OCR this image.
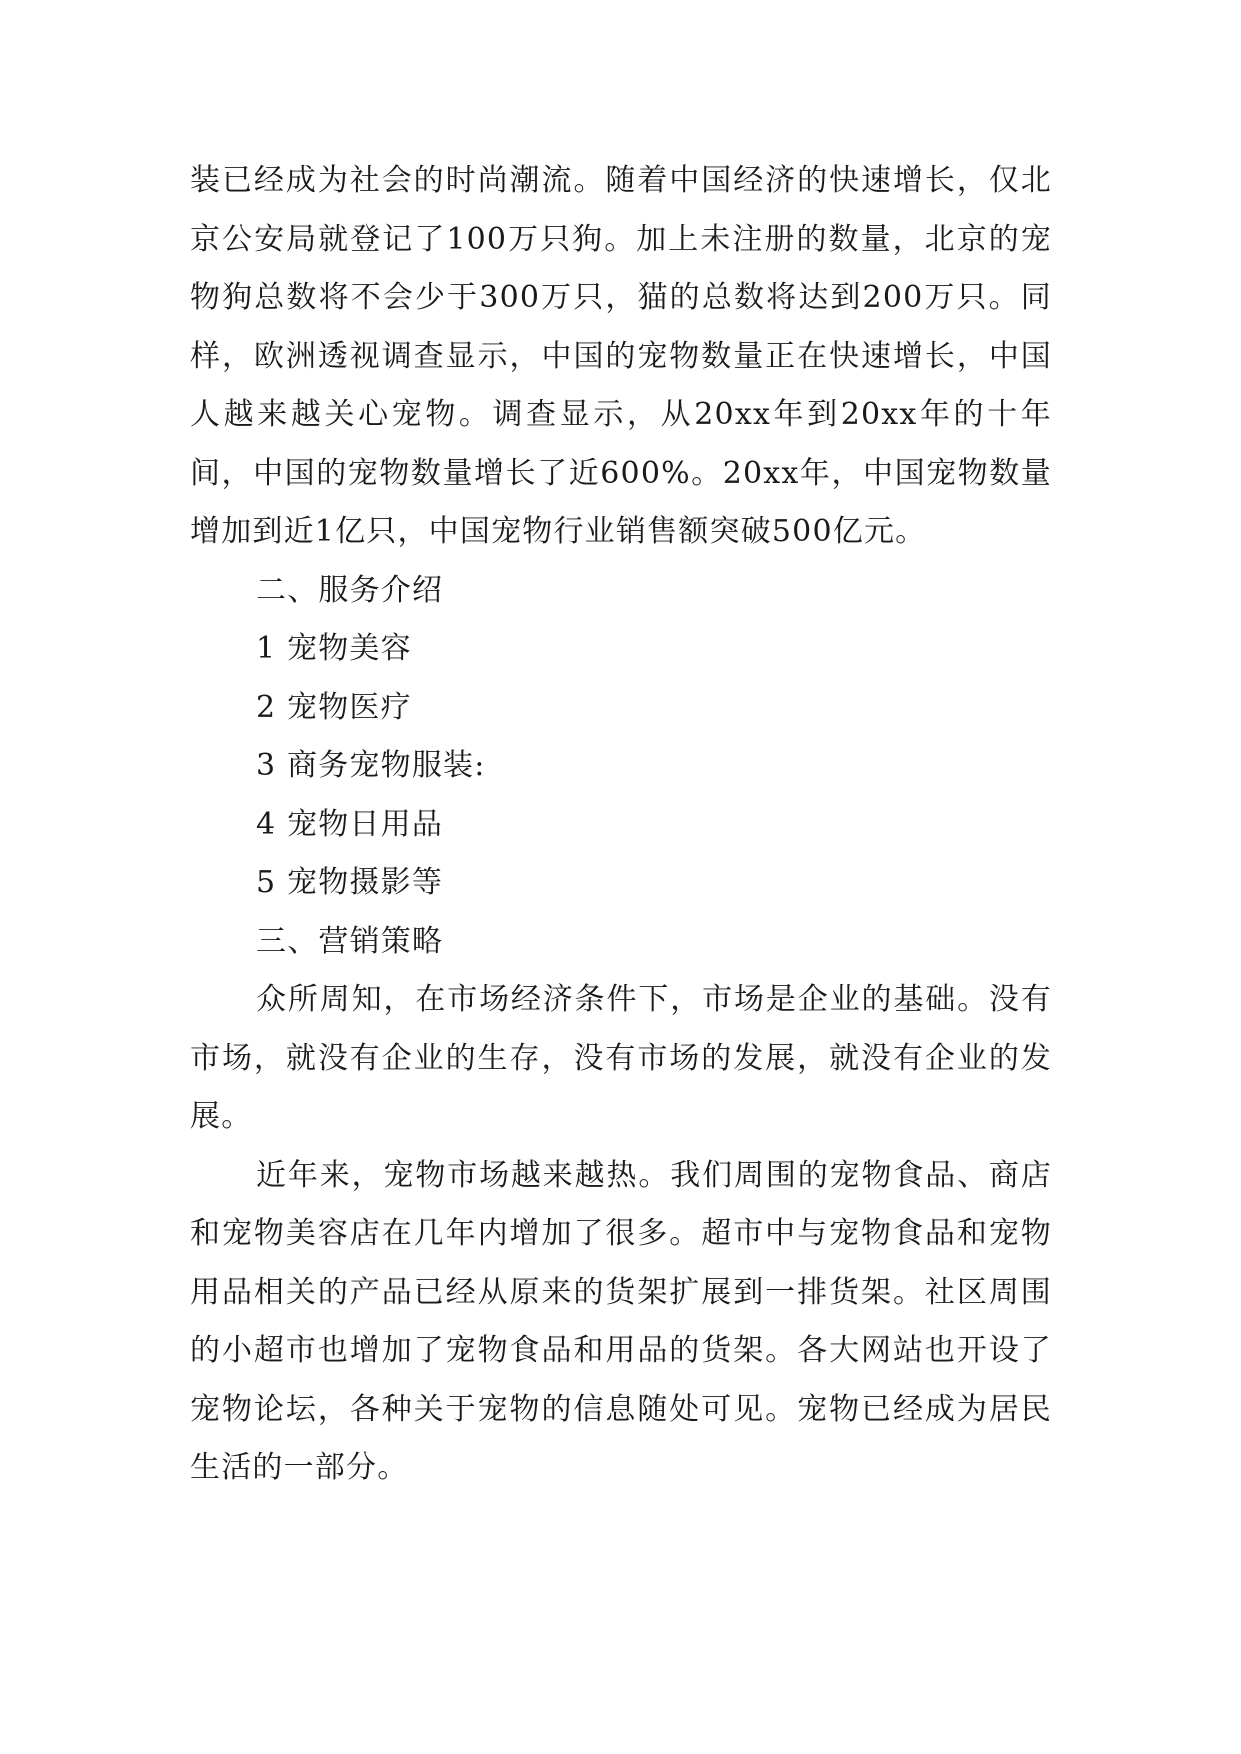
装已经成为社会的时尚潮流。随着中国经济的快速增长，仅北京公安局就登记了100万只狗。加上未注册的数量，北京的宠物狗总数将不会少于300万只，猫的总数将达到200万只。同样，欧洲透视调查显示，中国的宠物数量正在快速增长，中国人越来越关心宠物。调查显示，从20xx年到20xx年的十年间，中国的宠物数量增长了近600%。20xx年，中国宠物数量增加到近1亿只，中国宠物行业销售额突破500亿元。

二、服务介绍

1 宠物美容

2 宠物医疗

3 商务宠物服装:

4 宠物日用品

5 宠物摄影等

三、营销策略

众所周知，在市场经济条件下，市场是企业的基础。没有市场，就没有企业的生存，没有市场的发展，就没有企业的发展。

近年来，宠物市场越来越热。我们周围的宠物食品、商店和宠物美容店在几年内增加了很多。超市中与宠物食品和宠物用品相关的产品已经从原来的货架扩展到一排货架。社区周围的小超市也增加了宠物食品和用品的货架。各大网站也开设了宠物论坛，各种关于宠物的信息随处可见。宠物已经成为居民生活的一部分。
